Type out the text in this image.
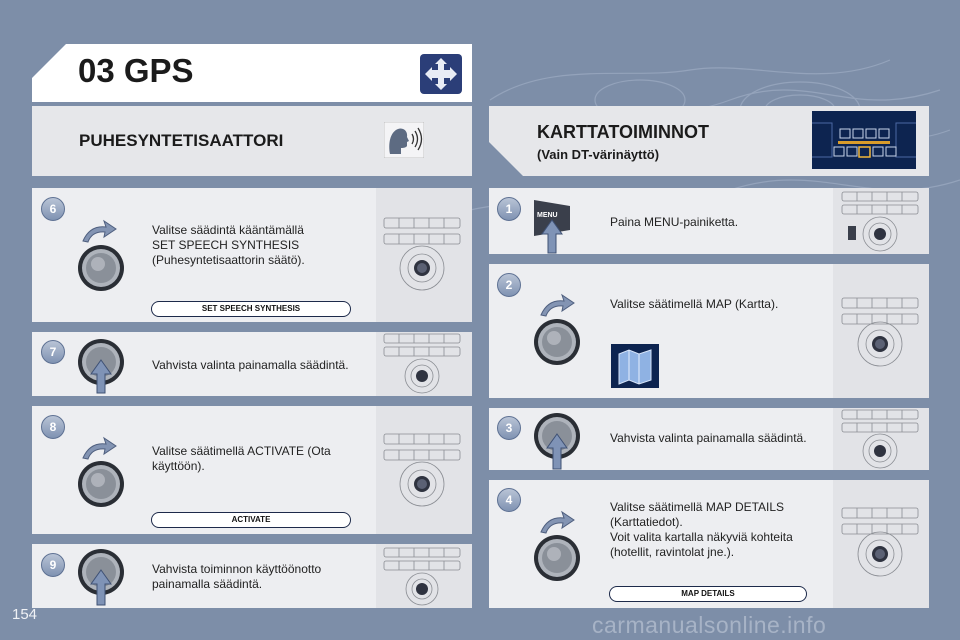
03 GPS
PUHESYNTETISAATTORI	KARTTATOIMINNOT
(Vain DT-värinäyttö)
6
Valitse säädintä kääntämällä
SET SPEECH SYNTHESIS
(Puhesyntetisaattorin säätö).
SET SPEECH SYNTHESIS
7
Vahvista valinta painamalla säädintä.
8
Valitse säätimellä ACTIVATE (Ota
käyttöön).
ACTIVATE
9	Vahvista toiminnon käyttöönotto
painamalla säädintä.
1	MENU	Paina MENU-painiketta.
2
Valitse säätimellä MAP (Kartta).
3
Vahvista valinta painamalla säädintä.
4	Valitse säätimellä MAP DETAILS
(Karttatiedot).
Voit valita kartalla näkyviä kohteita
(hotellit, ravintolat jne.).
MAP DETAILS
154	carmanualsonline.info
